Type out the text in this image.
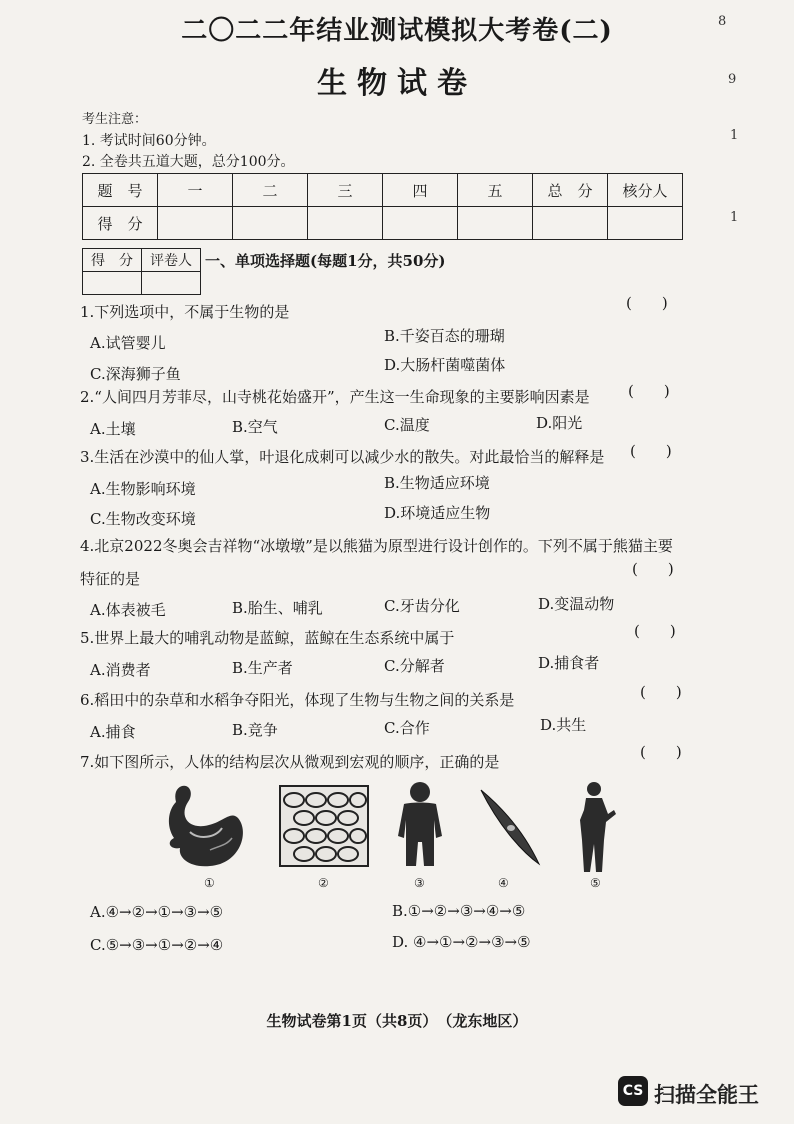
二〇二二年结业测试模拟大考卷(二)
生物试卷
8
9
1
1
考生注意：
1. 考试时间60分钟。
2. 全卷共五道大题，总分100分。
题　号	一	二	三	四	五	总　分	核分人
得　分							
得　分	评卷人
	一、单项选择题(每题1分，共50分)
1.下列选项中，不属于生物的是	(　　)
A.试管婴儿	B.千姿百态的珊瑚
C.深海狮子鱼	D.大肠杆菌噬菌体
2.“人间四月芳菲尽，山寺桃花始盛开”，产生这一生命现象的主要影响因素是	(　　)
A.土壤	B.空气	C.温度	D.阳光
3.生活在沙漠中的仙人掌，叶退化成刺可以减少水的散失。对此最恰当的解释是 (　　)
A.生物影响环境	B.生物适应环境
C.生物改变环境	D.环境适应生物
4.北京2022冬奥会吉祥物“冰墩墩”是以熊猫为原型进行设计创作的。下列不属于熊猫主要
特征的是
(　　)
A.体表被毛	B.胎生、哺乳	C.牙齿分化	D.变温动物
5.世界上最大的哺乳动物是蓝鲸，蓝鲸在生态系统中属于	(　　)
A.消费者	B.生产者	C.分解者	D.捕食者
6.稻田中的杂草和水稻争夺阳光，体现了生物与生物之间的关系是	(　　)
A.捕食	B.竞争	C.合作	D.共生
7.如下图所示，人体的结构层次从微观到宏观的顺序，正确的是
(　　)
①	②	③	④	⑤
A.④→②→①→③→⑤	B.①→②→③→④→⑤
C.⑤→③→①→②→④	D. ④→①→②→③→⑤
生物试卷第1页（共8页）　（龙东地区）
CS 扫描全能王
